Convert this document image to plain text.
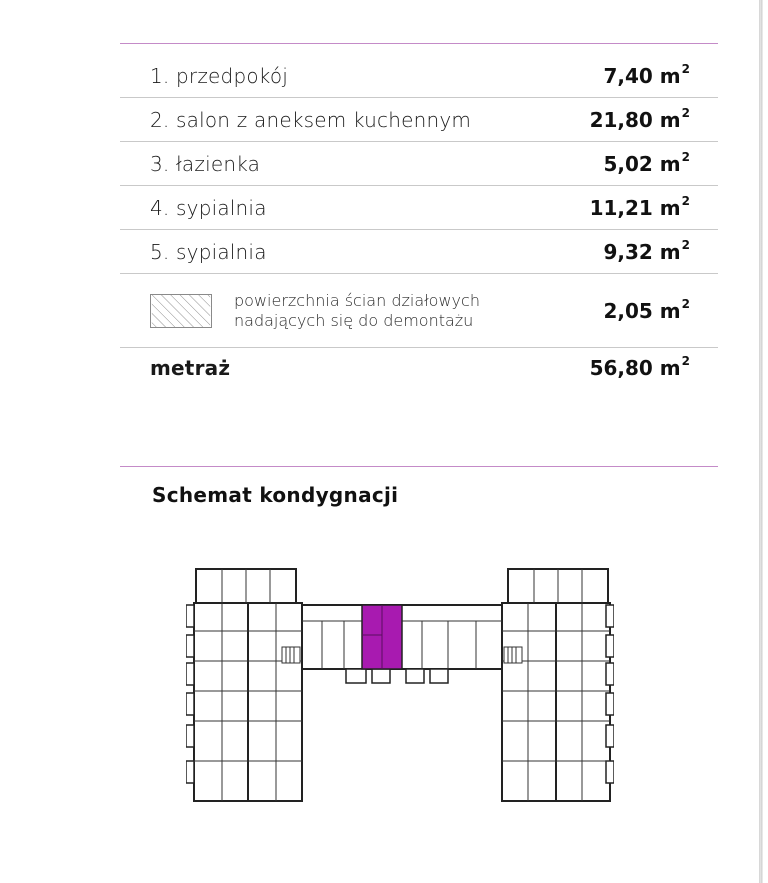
1. przedpokój	7,40 $m^2$
2. salon z aneksem kuchennym	21,80 $m^2$
3. łazienka	5,02 $m^2$
4. sypialnia	11,21 $m^2$
5. sypialnia	9,32 $m^2$
powierzchnia ścian działowych
nadających się do demontażu	2,05 $m^2$
metraż	56,80 $m^2$
Schemat kondygnacji
